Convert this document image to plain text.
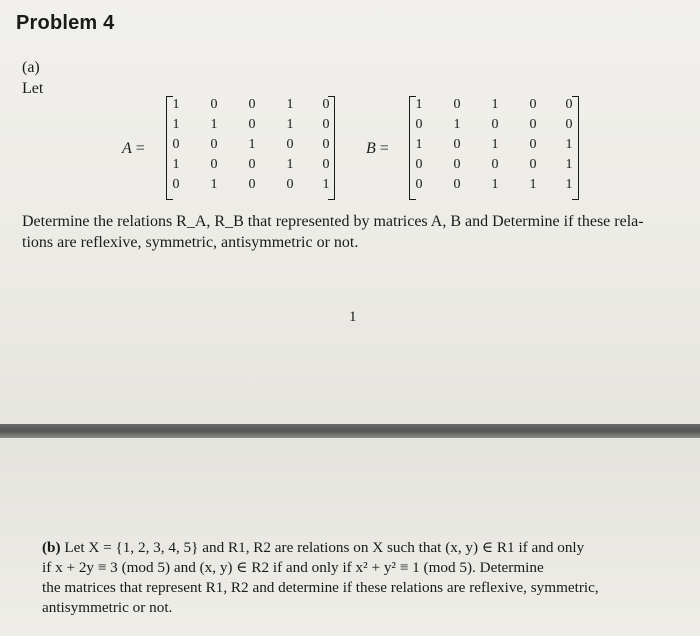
Problem 4
(a)
Let
A =
1 0 0 1 0
1 1 0 1 0
0 0 1 0 0
1 0 0 1 0
0 1 0 0 1
B =
1 0 1 0 0
0 1 0 0 0
1 0 1 0 1
0 0 0 0 1
0 0 1 1 1
Determine the relations R_A, R_B that represented by matrices A, B and Determine if these rela-
tions are reflexive, symmetric, antisymmetric or not.
1
(b) Let X = {1, 2, 3, 4, 5} and R1, R2 are relations on X such that (x, y) ∈ R1 if and only
if x + 2y ≡ 3 (mod 5) and (x, y) ∈ R2 if and only if x² + y² ≡ 1 (mod 5). Determine
the matrices that represent R1, R2 and determine if these relations are reflexive, symmetric,
antisymmetric or not.
